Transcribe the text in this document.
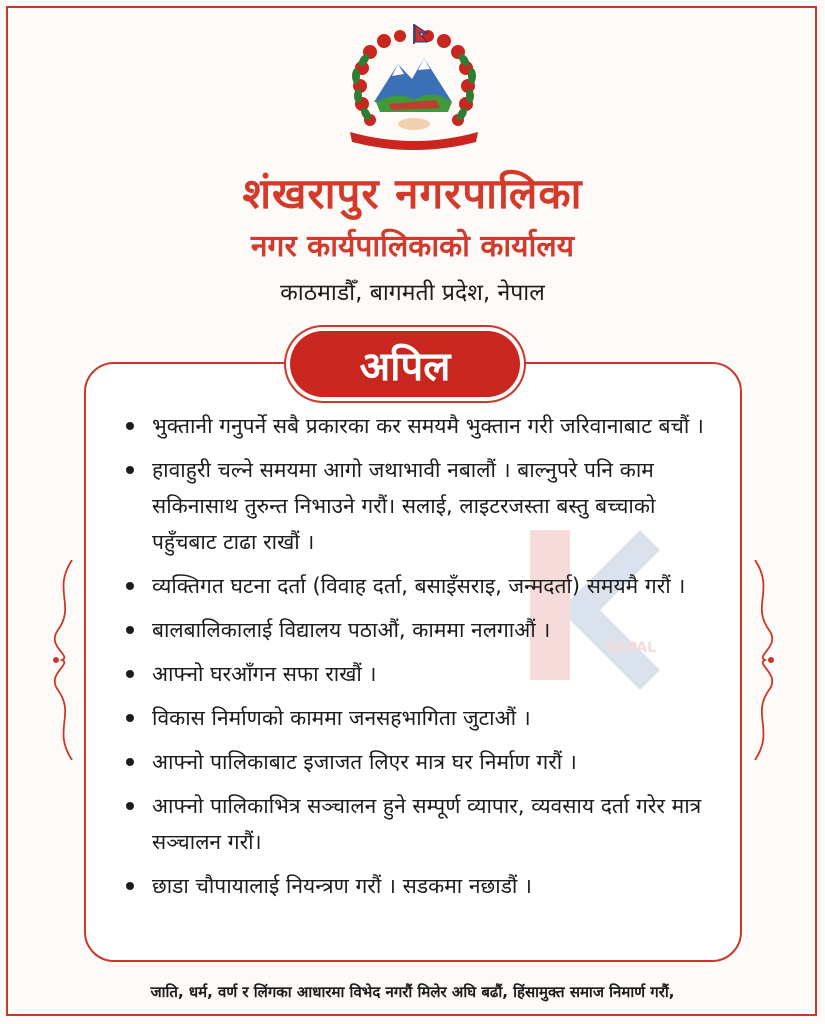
शंखरापुर नगरपालिका
नगर कार्यपालिकाको कार्यालय
काठमाडौँ, बागमती प्रदेश, नेपाल
NEPAL
अपिल
भुक्तानी गनुपर्ने सबै प्रकारका कर समयमै भुक्तान गरी जरिवानाबाट बचौं ।
हावाहुरी चल्ने समयमा आगो जथाभावी नबालौं । बाल्नुपरे पनि काम सकिनासाथ तुरुन्त निभाउने गरौं। सलाई, लाइटरजस्ता बस्तु बच्चाको पहुँचबाट टाढा राखौं ।
व्यक्तिगत घटना दर्ता (विवाह दर्ता, बसाइँसराइ, जन्मदर्ता) समयमै गरौं ।
बालबालिकालाई विद्यालय पठाऔं, काममा नलगाऔं ।
आफ्नो घरआँगन सफा राखौं ।
विकास निर्माणको काममा जनसहभागिता जुटाऔं ।
आफ्नो पालिकाबाट इजाजत लिएर मात्र घर निर्माण गरौं ।
आफ्नो पालिकाभित्र सञ्चालन हुने सम्पूर्ण व्यापार, व्यवसाय दर्ता गरेर मात्र सञ्चालन गरौं।
छाडा चौपायालाई नियन्त्रण गरौं । सडकमा नछाडौं ।
जाति, धर्म, वर्ण र लिंगका आधारमा विभेद नगरौं मिलेर अघि बढौं, हिंसामुक्त समाज निमार्ण गरौं,
